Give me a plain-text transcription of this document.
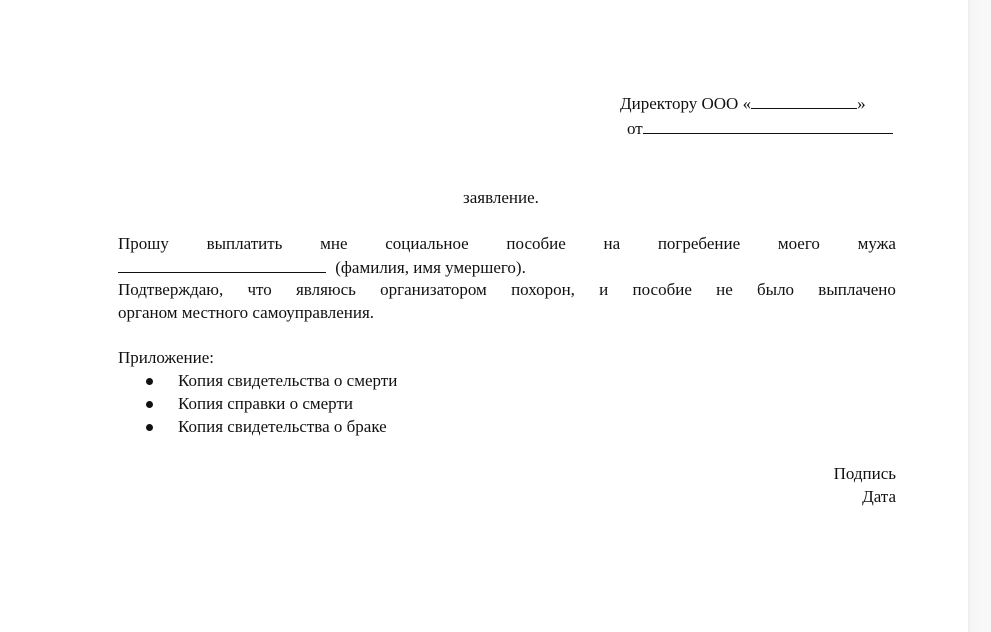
Директору ООО «	»
от
заявление.
Прошу выплатить мне социальное пособие на погребение моего мужа
(фамилия, имя умершего).
Подтверждаю, что являюсь организатором похорон, и пособие не было выплачено
органом местного самоуправления.
Приложение:
Копия свидетельства о смерти
Копия справки о смерти
Копия свидетельства о браке
Подпись
Дата
